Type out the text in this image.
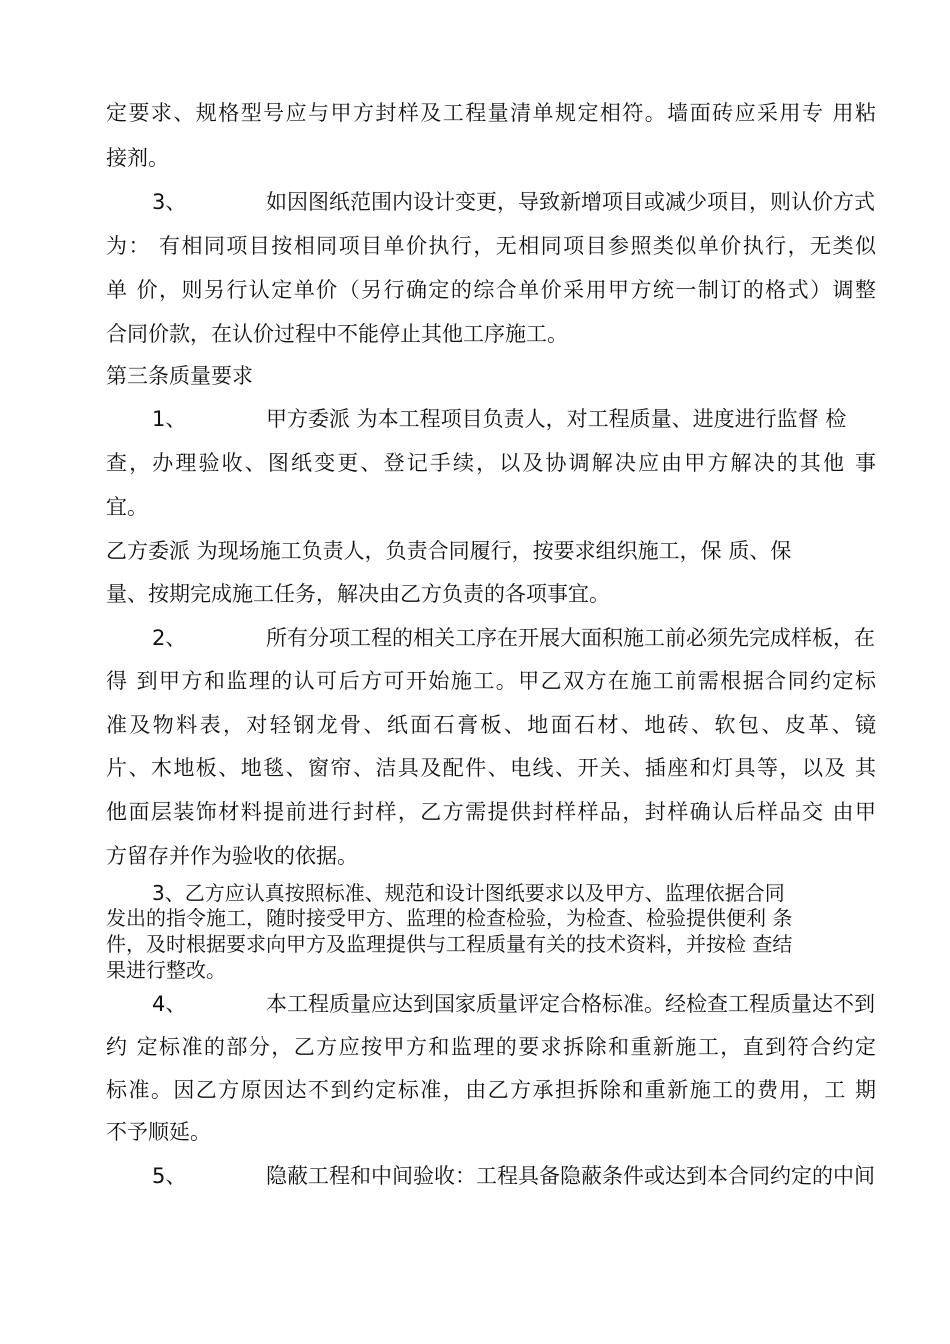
定要求、规格型号应与甲方封样及工程量清单规定相符。墙面砖应采用专 用粘
接剂。
3、	如因图纸范围内设计变更，导致新增项目或减少项目，则认价方式
为： 有相同项目按相同项目单价执行，无相同项目参照类似单价执行，无类似
单 价，则另行认定单价（另行确定的综合单价采用甲方统一制订的格式）调整
合同价款，在认价过程中不能停止其他工序施工。
第三条质量要求
1、	甲方委派 为本工程项目负责人，对工程质量、进度进行监督 检
查，办理验收、图纸变更、登记手续，以及协调解决应由甲方解决的其他 事
宜。
乙方委派 为现场施工负责人，负责合同履行，按要求组织施工，保 质、保
量、按期完成施工任务，解决由乙方负责的各项事宜。
2、	所有分项工程的相关工序在开展大面积施工前必须先完成样板，在
得 到甲方和监理的认可后方可开始施工。甲乙双方在施工前需根据合同约定标
准及物料表，对轻钢龙骨、纸面石膏板、地面石材、地砖、软包、皮革、镜
片、木地板、地毯、窗帘、洁具及配件、电线、开关、插座和灯具等，以及 其
他面层装饰材料提前进行封样，乙方需提供封样样品，封样确认后样品交 由甲
方留存并作为验收的依据。
3、乙方应认真按照标准、规范和设计图纸要求以及甲方、监理依据合同
发出的指令施工，随时接受甲方、监理的检查检验，为检查、检验提供便利 条
件，及时根据要求向甲方及监理提供与工程质量有关的技术资料，并按检 查结
果进行整改。
4、	本工程质量应达到国家质量评定合格标准。经检查工程质量达不到
约 定标准的部分，乙方应按甲方和监理的要求拆除和重新施工，直到符合约定
标准。因乙方原因达不到约定标准，由乙方承担拆除和重新施工的费用，工 期
不予顺延。
5、	隐蔽工程和中间验收：工程具备隐蔽条件或达到本合同约定的中间
